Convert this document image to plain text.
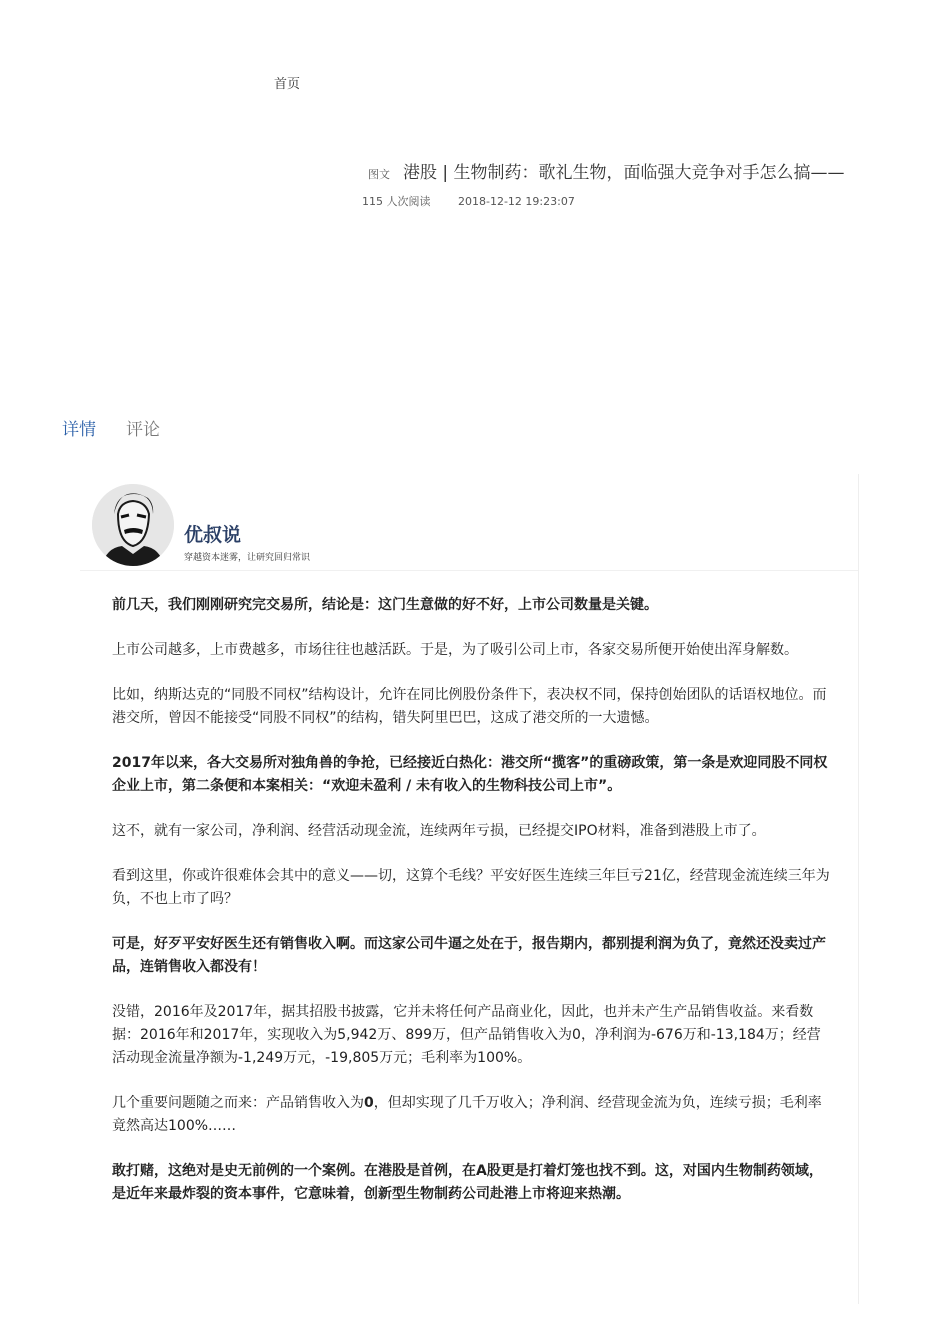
首页
图文 港股 | 生物制药：歌礼生物，面临强大竞争对手怎么搞——
115 人次阅读	2018-12-12 19:23:07
详情 评论
优叔说
穿越资本迷雾，让研究回归常识

前几天，我们刚刚研究完交易所，结论是：这门生意做的好不好，上市公司数量是关键。

上市公司越多，上市费越多，市场往往也越活跃。于是，为了吸引公司上市，各家交易所便开始使出浑身解数。

比如，纳斯达克的“同股不同权”结构设计，允许在同比例股份条件下，表决权不同，保持创始团队的话语权地位。而港交所，曾因不能接受“同股不同权”的结构，错失阿里巴巴，这成了港交所的一大遗憾。

2017年以来，各大交易所对独角兽的争抢，已经接近白热化：港交所“揽客”的重磅政策，第一条是欢迎同股不同权企业上市，第二条便和本案相关：“欢迎未盈利 / 未有收入的生物科技公司上市”。

这不，就有一家公司，净利润、经营活动现金流，连续两年亏损，已经提交IPO材料，准备到港股上市了。

看到这里，你或许很难体会其中的意义——切，这算个毛线？平安好医生连续三年巨亏21亿，经营现金流连续三年为负，不也上市了吗？

可是，好歹平安好医生还有销售收入啊。而这家公司牛逼之处在于，报告期内，都别提利润为负了，竟然还没卖过产品，连销售收入都没有！

没错，2016年及2017年，据其招股书披露，它并未将任何产品商业化，因此，也并未产生产品销售收益。来看数据：2016年和2017年，实现收入为5,942万、899万，但产品销售收入为0，净利润为-676万和-13,184万；经营活动现金流量净额为-1,249万元，-19,805万元；毛利率为100%。

几个重要问题随之而来：产品销售收入为0，但却实现了几千万收入；净利润、经营现金流为负，连续亏损；毛利率竟然高达100%……

敢打赌，这绝对是史无前例的一个案例。在港股是首例，在A股更是打着灯笼也找不到。这，对国内生物制药领域，是近年来最炸裂的资本事件，它意味着，创新型生物制药公司赴港上市将迎来热潮。
